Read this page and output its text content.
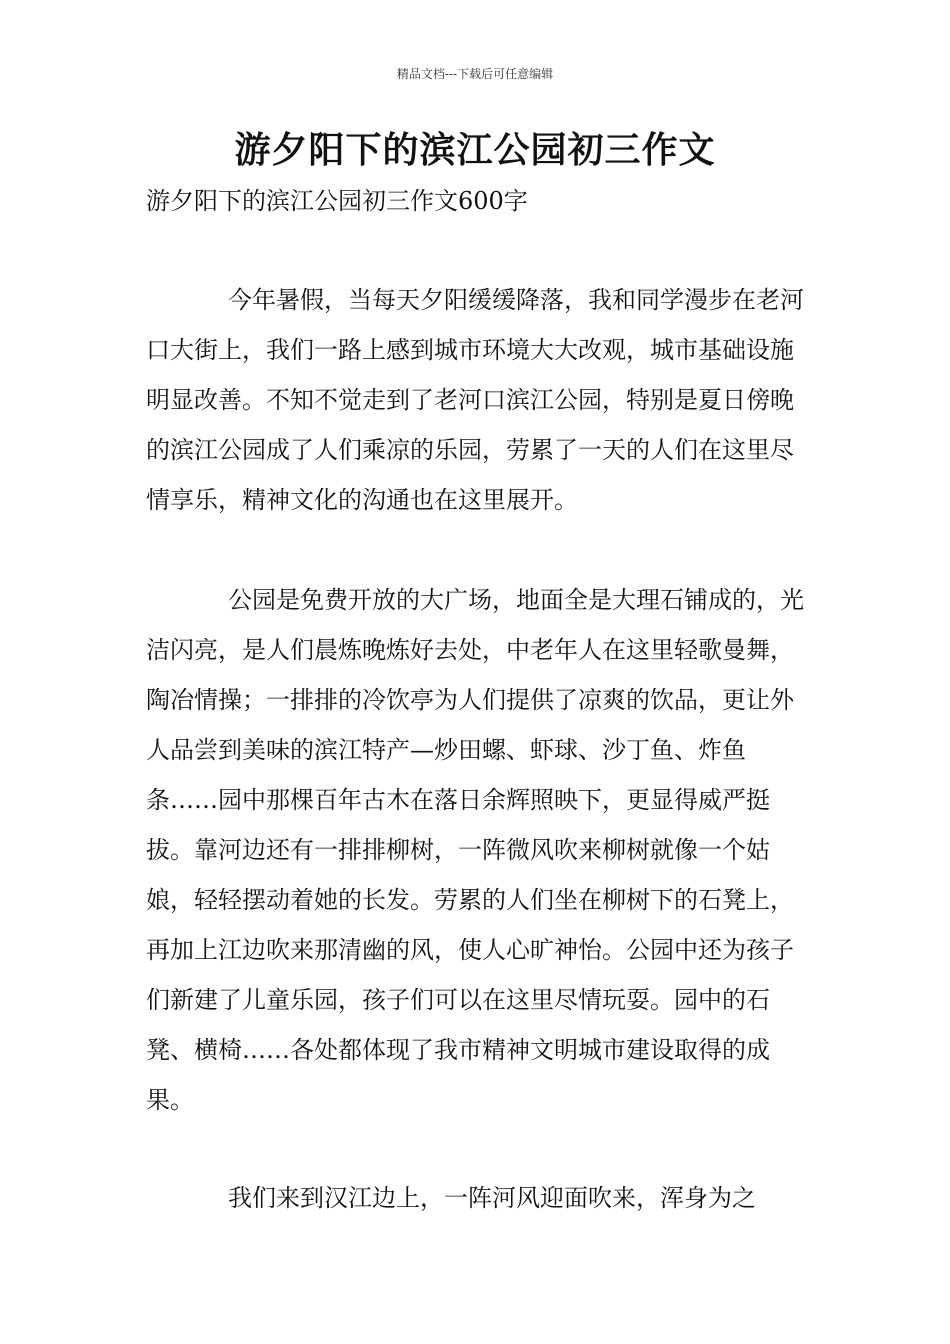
精品文档---下载后可任意编辑
游夕阳下的滨江公园初三作文
游夕阳下的滨江公园初三作文600字

今年暑假，当每天夕阳缓缓降落，我和同学漫步在老河口大街上，我们一路上感到城市环境大大改观，城市基础设施明显改善。不知不觉走到了老河口滨江公园，特别是夏日傍晚的滨江公园成了人们乘凉的乐园，劳累了一天的人们在这里尽情享乐，精神文化的沟通也在这里展开。

公园是免费开放的大广场，地面全是大理石铺成的，光洁闪亮，是人们晨炼晚炼好去处，中老年人在这里轻歌曼舞，陶冶情操；一排排的冷饮亭为人们提供了凉爽的饮品，更让外人品尝到美味的滨江特产—炒田螺、虾球、沙丁鱼、炸鱼条……园中那棵百年古木在落日余辉照映下，更显得威严挺拔。靠河边还有一排排柳树，一阵微风吹来柳树就像一个姑娘，轻轻摆动着她的长发。劳累的人们坐在柳树下的石凳上，再加上江边吹来那清幽的风，使人心旷神怡。公园中还为孩子们新建了儿童乐园，孩子们可以在这里尽情玩耍。园中的石凳、横椅……各处都体现了我市精神文明城市建设取得的成果。

我们来到汉江边上，一阵河风迎面吹来，浑身为之
